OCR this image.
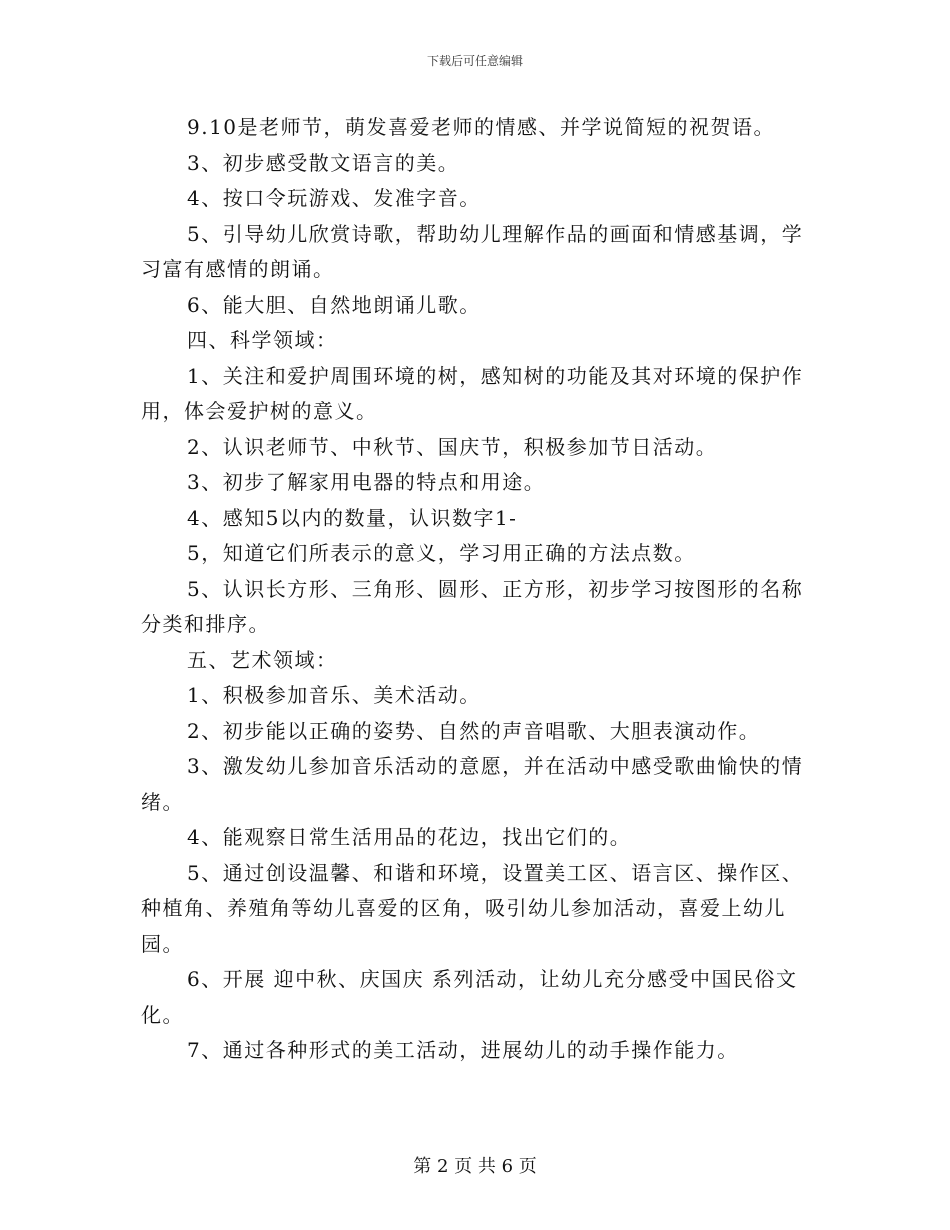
下载后可任意编辑

9.10是老师节，萌发喜爱老师的情感、并学说简短的祝贺语。

3、初步感受散文语言的美。

4、按口令玩游戏、发准字音。

5、引导幼儿欣赏诗歌，帮助幼儿理解作品的画面和情感基调，学习富有感情的朗诵。

6、能大胆、自然地朗诵儿歌。

四、科学领域：

1、关注和爱护周围环境的树，感知树的功能及其对环境的保护作用，体会爱护树的意义。

2、认识老师节、中秋节、国庆节，积极参加节日活动。

3、初步了解家用电器的特点和用途。

4、感知5以内的数量，认识数字1-

5，知道它们所表示的意义，学习用正确的方法点数。

5、认识长方形、三角形、圆形、正方形，初步学习按图形的名称分类和排序。

五、艺术领域：

1、积极参加音乐、美术活动。

2、初步能以正确的姿势、自然的声音唱歌、大胆表演动作。

3、激发幼儿参加音乐活动的意愿，并在活动中感受歌曲愉快的情绪。

4、能观察日常生活用品的花边，找出它们的。

5、通过创设温馨、和谐和环境，设置美工区、语言区、操作区、种植角、养殖角等幼儿喜爱的区角，吸引幼儿参加活动，喜爱上幼儿园。

6、开展 迎中秋、庆国庆 系列活动，让幼儿充分感受中国民俗文化。

7、通过各种形式的美工活动，进展幼儿的动手操作能力。

第 2 页 共 6 页
